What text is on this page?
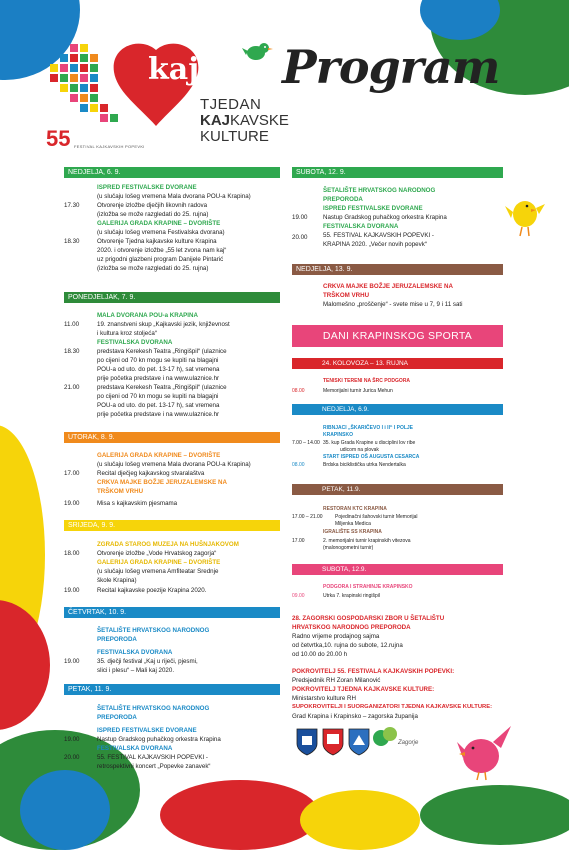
kaj
TJEDAN
KAJKAVSKE
KULTURE
55 FESTIVAL KAJKAVSKIH POPEVKI
Program
NEDJELJA, 6. 9.
ISPRED FESTIVALSKE DVORANE
(u slučaju lošeg vremena Mala dvorana POU-a Krapina)
17.30	Otvorenje izložbe dječjih likovnih radova
(izložba se može razgledati do 25. rujna)
GALERIJA GRADA KRAPINE – DVORIŠTE
(u slučaju lošeg vremena Festivalska dvorana)
18.30	Otvorenje Tjedna kajkavske kulture Krapina
2020. i otvorenje izložbe „55 let zvona nam kaj“
uz prigodni glazbeni program Danijele Pintarić
(izložba se može razgledati do 25. rujna)
PONEDJELJAK, 7. 9.
MALA DVORANA POU-a KRAPINA
11.00	19. znanstveni skup „Kajkavski jezik, književnost
i kultura kroz stoljeća“
FESTIVALSKA DVORANA
18.30	predstava Kerekesh Teatra „Ringišpil“ (ulaznice
po cijeni od 70 kn mogu se kupiti na blagajni
POU-a od uto. do pet. 13-17 h), sat vremena
prije početka predstave i na www.ulaznice.hr
21.00	predstava Kerekesh Teatra „Ringišpil“ (ulaznice
po cijeni od 70 kn mogu se kupiti na blagajni
POU-a od uto. do pet. 13-17 h), sat vremena
prije početka predstave i na www.ulaznice.hr
UTORAK, 8. 9.
GALERIJA GRADA KRAPINE – DVORIŠTE
(u slučaju lošeg vremena Mala dvorana POU-a Krapina)
17.00	Recital dječjeg kajkavskog stvaralaštva
CRKVA MAJKE BOŽJE JERUZALEMSKE NA
TRŠKOM VRHU
19.00	Misa s kajkavskim pjesmama
SRIJEDA, 9. 9.
ZGRADA STAROG MUZEJA NA HUŠNJAKOVOM
18.00	Otvorenje izložbe „Vode Hrvatskog zagorja“
GALERIJA GRADA KRAPINE – DVORIŠTE
(u slučaju lošeg vremena Amfiteatar Srednje
škole Krapina)
19.00	Recital kajkavske poezije Krapina 2020.
ČETVRTAK, 10. 9.
ŠETALIŠTE HRVATSKOG NARODNOG
PREPORODA
FESTIVALSKA DVORANA
19.00	35. dječji festival „Kaj u riječi, pjesmi,
slici i plesu“ – Mali kaj 2020.
PETAK, 11. 9.
ŠETALIŠTE HRVATSKOG NARODNOG
PREPORODA
ISPRED FESTIVALSKE DVORANE
19.00	Nastup Gradskog puhačkog orkestra Krapina
FESTIVALSKA DVORANA
20.00	55. FESTIVAL KAJKAVSKIH POPEVKI -
retrospektivni koncert „Popevke zanavek“
SUBOTA, 12. 9.
ŠETALIŠTE HRVATSKOG NARODNOG
PREPORODA
ISPRED FESTIVALSKE DVORANE
19.00	Nastup Gradskog puhačkog orkestra Krapina
FESTIVALSKA DVORANA
20.00	55. FESTIVAL KAJKAVSKIH POPEVKI -
KRAPINA 2020. „Večer novih popevk“
NEDJELJA, 13. 9.
CRKVA MAJKE BOŽJE JERUZALEMSKE NA
TRŠKOM VRHU
Malomešno „proščenje“ - svete mise u 7, 9 i 11 sati
DANI KRAPINSKOG SPORTA
24. KOLOVOZA – 13. RUJNA
TENISKI TERENI NA ŠRC PODGORA
08.00	Memorijalni turnir Jurica Mehun
NEDJELJA, 6.9.
RIBNJACI „ŠKARIČEVO I i II“ I POLJE
KRAPINSKO
7.00 – 14.00 35. kup Grada Krapine u disciplini lov ribe
udicom na plovak
START ISPRED OŠ AUGUSTA CESARCA
08.00	Brdska biciklistička utrka Nendertalka
PETAK, 11.9.
RESTORAN KTC KRAPINA
17.00 – 21.00 Pojedinačni šahovski turnir Memorijal
Miljenka Medica
IGRALIŠTE SS KRAPINA
17.00	2. memorijalni turnir krapinskih vitezova
(malonogometni turnir)
SUBOTA, 12.9.
PODGORA I STRAHINJE KRAPINSKO
09.00	Utrka 7. krapinski ringišpil
28. ZAGORSKI GOSPODARSKI ZBOR U ŠETALIŠTU
HRVATSKOG NARODNOG PREPORODA
Radno vrijeme prodajnog sajma
od četvrtka,10. rujna do subote, 12.rujna
od 10.00 do 20.00 h
POKROVITELJ 55. FESTIVALA KAJKAVSKIH POPEVKI:
Predsjednik RH Zoran Milanović
POKROVITELJ TJEDNA KAJKAVSKE KULTURE:
Ministarstvo kulture RH
SUPOKROVITELJI I SUORGANIZATORI TJEDNA KAJKAVSKE KULTURE:
Grad Krapina i Krapinsko – zagorska županija
Zagorje
